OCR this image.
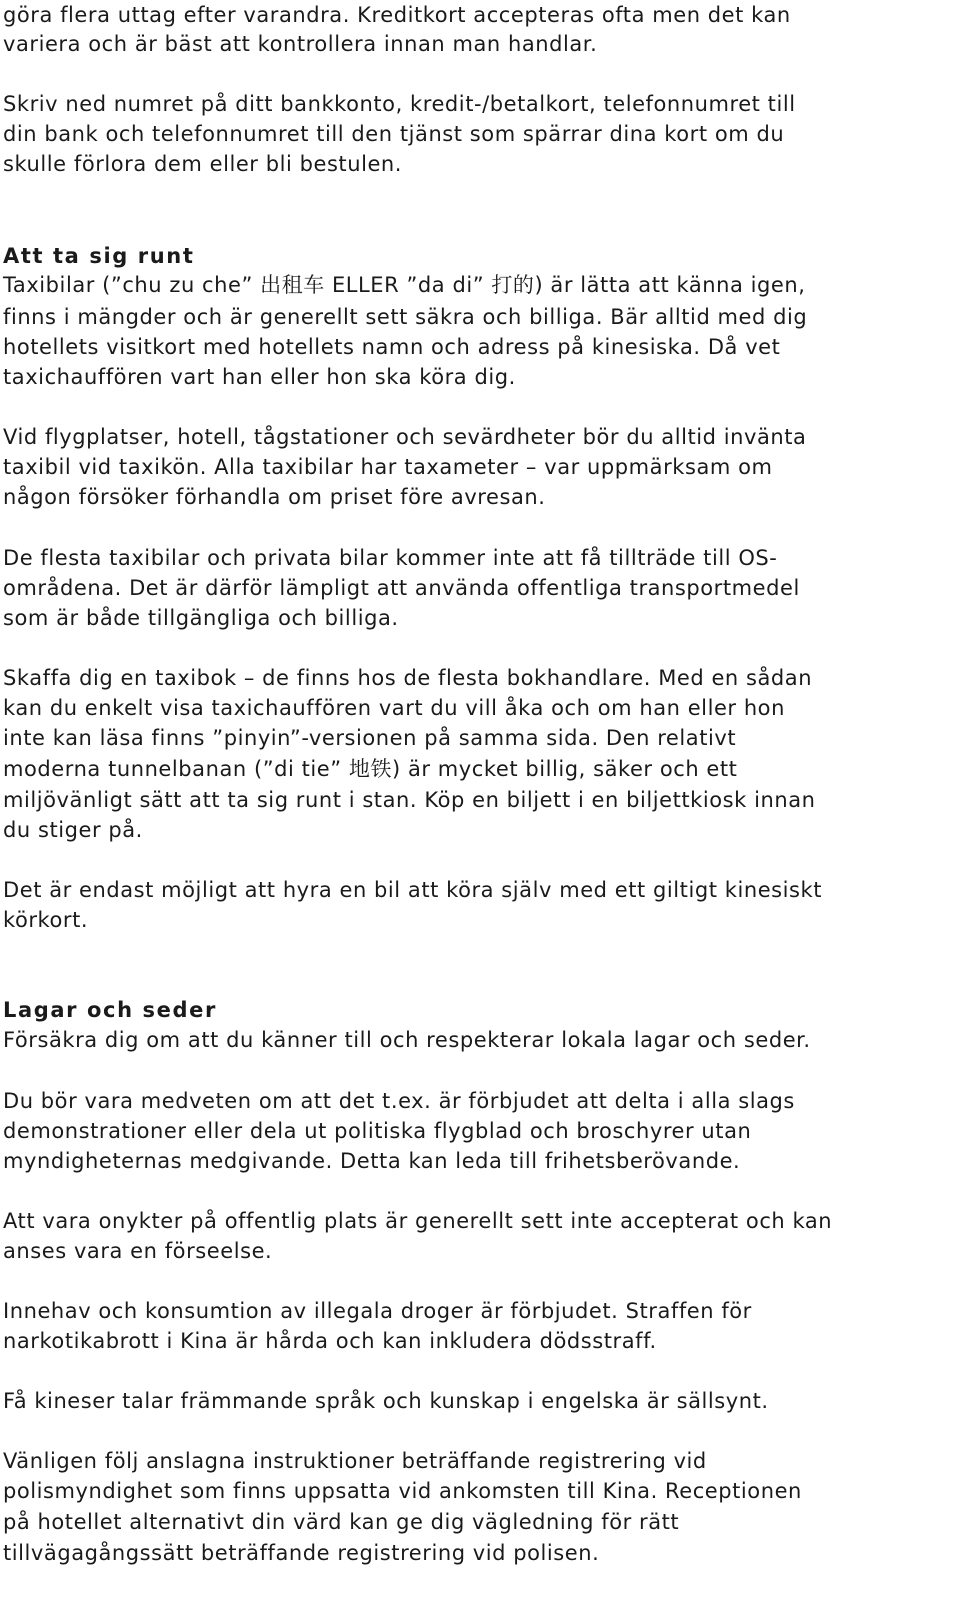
göra flera uttag efter varandra. Kreditkort accepteras ofta men det kan
variera och är bäst att kontrollera innan man handlar.
Skriv ned numret på ditt bankkonto, kredit-/betalkort, telefonnumret till
din bank och telefonnumret till den tjänst som spärrar dina kort om du
skulle förlora dem eller bli bestulen.
Att ta sig runt
Taxibilar (”chu zu che” 出租车 ELLER ”da di” 打的) är lätta att känna igen,
finns i mängder och är generellt sett säkra och billiga. Bär alltid med dig
hotellets visitkort med hotellets namn och adress på kinesiska. Då vet
taxichauffören vart han eller hon ska köra dig.
Vid flygplatser, hotell, tågstationer och sevärdheter bör du alltid invänta
taxibil vid taxikön. Alla taxibilar har taxameter – var uppmärksam om
någon försöker förhandla om priset före avresan.
De flesta taxibilar och privata bilar kommer inte att få tillträde till OS-
områdena. Det är därför lämpligt att använda offentliga transportmedel
som är både tillgängliga och billiga.
Skaffa dig en taxibok – de finns hos de flesta bokhandlare. Med en sådan
kan du enkelt visa taxichauffören vart du vill åka och om han eller hon
inte kan läsa finns ”pinyin”-versionen på samma sida. Den relativt
moderna tunnelbanan (”di tie” 地铁) är mycket billig, säker och ett
miljövänligt sätt att ta sig runt i stan. Köp en biljett i en biljettkiosk innan
du stiger på.
Det är endast möjligt att hyra en bil att köra själv med ett giltigt kinesiskt
körkort.
Lagar och seder
Försäkra dig om att du känner till och respekterar lokala lagar och seder.
Du bör vara medveten om att det t.ex. är förbjudet att delta i alla slags
demonstrationer eller dela ut politiska flygblad och broschyrer utan
myndigheternas medgivande. Detta kan leda till frihetsberövande.
Att vara onykter på offentlig plats är generellt sett inte accepterat och kan
anses vara en förseelse.
Innehav och konsumtion av illegala droger är förbjudet. Straffen för
narkotikabrott i Kina är hårda och kan inkludera dödsstraff.
Få kineser talar främmande språk och kunskap i engelska är sällsynt.
Vänligen följ anslagna instruktioner beträffande registrering vid
polismyndighet som finns uppsatta vid ankomsten till Kina. Receptionen
på hotellet alternativt din värd kan ge dig vägledning för rätt
tillvägagångssätt beträffande registrering vid polisen.
